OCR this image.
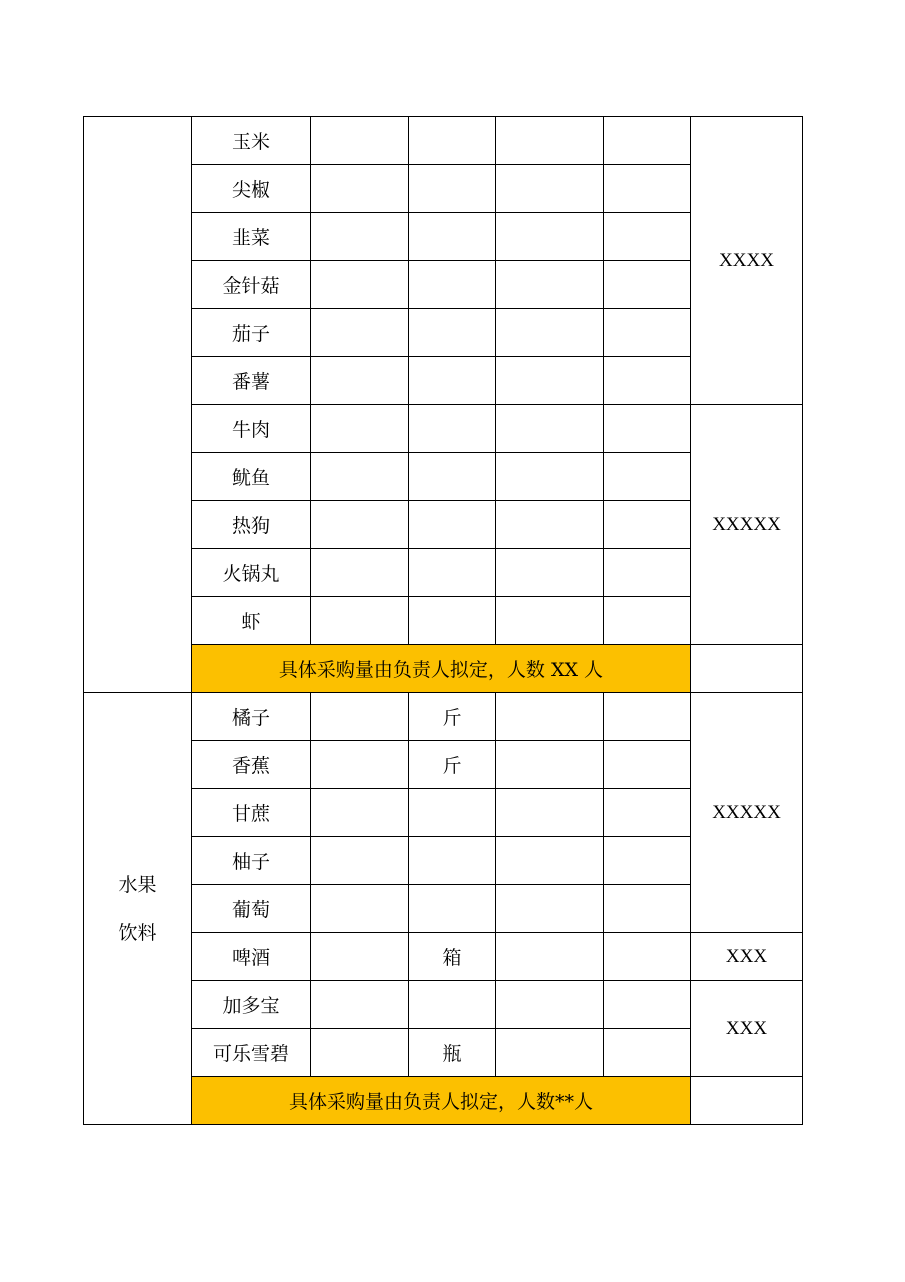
	玉米					XXXX
	尖椒					
	韭菜					
	金针菇					
	茄子					
	番薯					
	牛肉					XXXXX
	鱿鱼					
	热狗					
	火锅丸					
	虾					
	具体采购量由负责人拟定，人数 XX 人					

水果
饮料	橘子		斤			XXXXX
	香蕉		斤			
	甘蔗					
	柚子					
	葡萄					
	啤酒		箱			XXX
	加多宝					XXX
	可乐雪碧		瓶			
	具体采购量由负责人拟定，人数**人					
